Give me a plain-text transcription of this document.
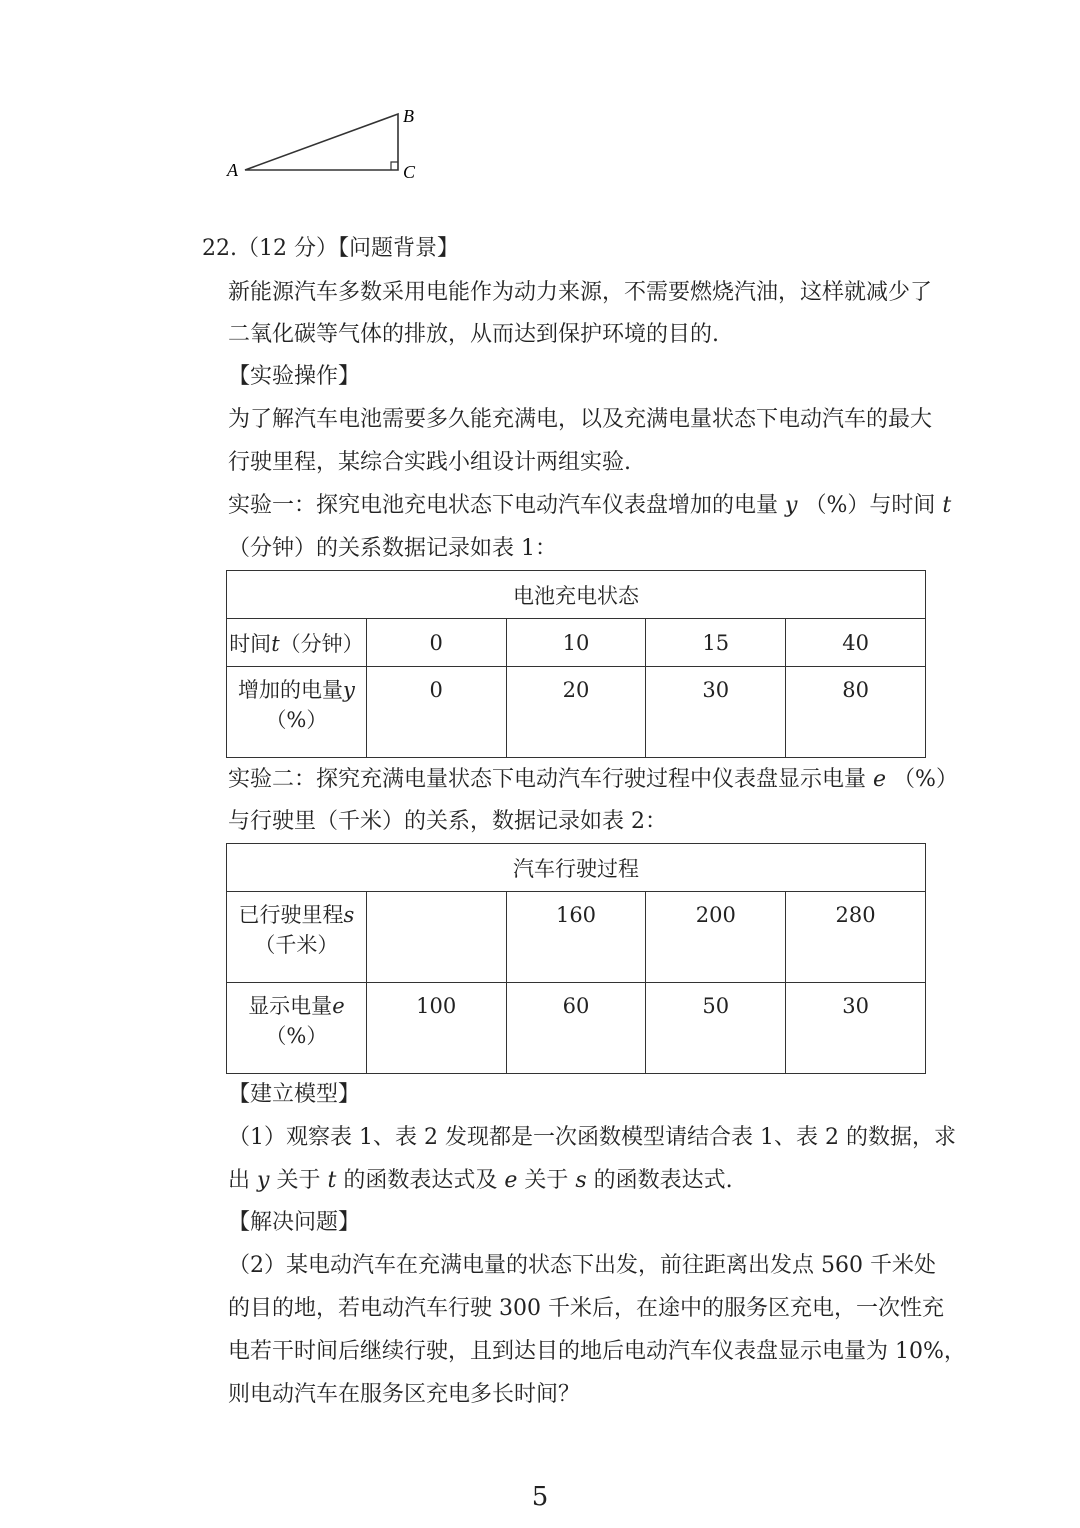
A
B
C
22.（12 分）【问题背景】
新能源汽车多数采用电能作为动力来源，不需要燃烧汽油，这样就减少了
二氧化碳等气体的排放，从而达到保护环境的目的.
【实验操作】
为了解汽车电池需要多久能充满电，以及充满电量状态下电动汽车的最大
行驶里程，某综合实践小组设计两组实验.
实验一：探究电池充电状态下电动汽车仪表盘增加的电量 y （%）与时间 t
（分钟）的关系数据记录如表 1：
电池充电状态				
时间t（分钟）	0	10	15	40

增加的电量y
（%）	0	20	30	80
实验二：探究充满电量状态下电动汽车行驶过程中仪表盘显示电量 e （%）
与行驶里（千米）的关系，数据记录如表 2：
汽车行驶过程				

已行驶里程s
（千米）		160	200	280

显示电量e
（%）	100	60	50	30
【建立模型】
（1）观察表 1、表 2 发现都是一次函数模型请结合表 1、表 2 的数据，求
出 y 关于 t 的函数表达式及 e 关于 s 的函数表达式.
【解决问题】
（2）某电动汽车在充满电量的状态下出发，前往距离出发点 560 千米处
的目的地，若电动汽车行驶 300 千米后，在途中的服务区充电，一次性充
电若干时间后继续行驶，且到达目的地后电动汽车仪表盘显示电量为 10%，
则电动汽车在服务区充电多长时间？
5
